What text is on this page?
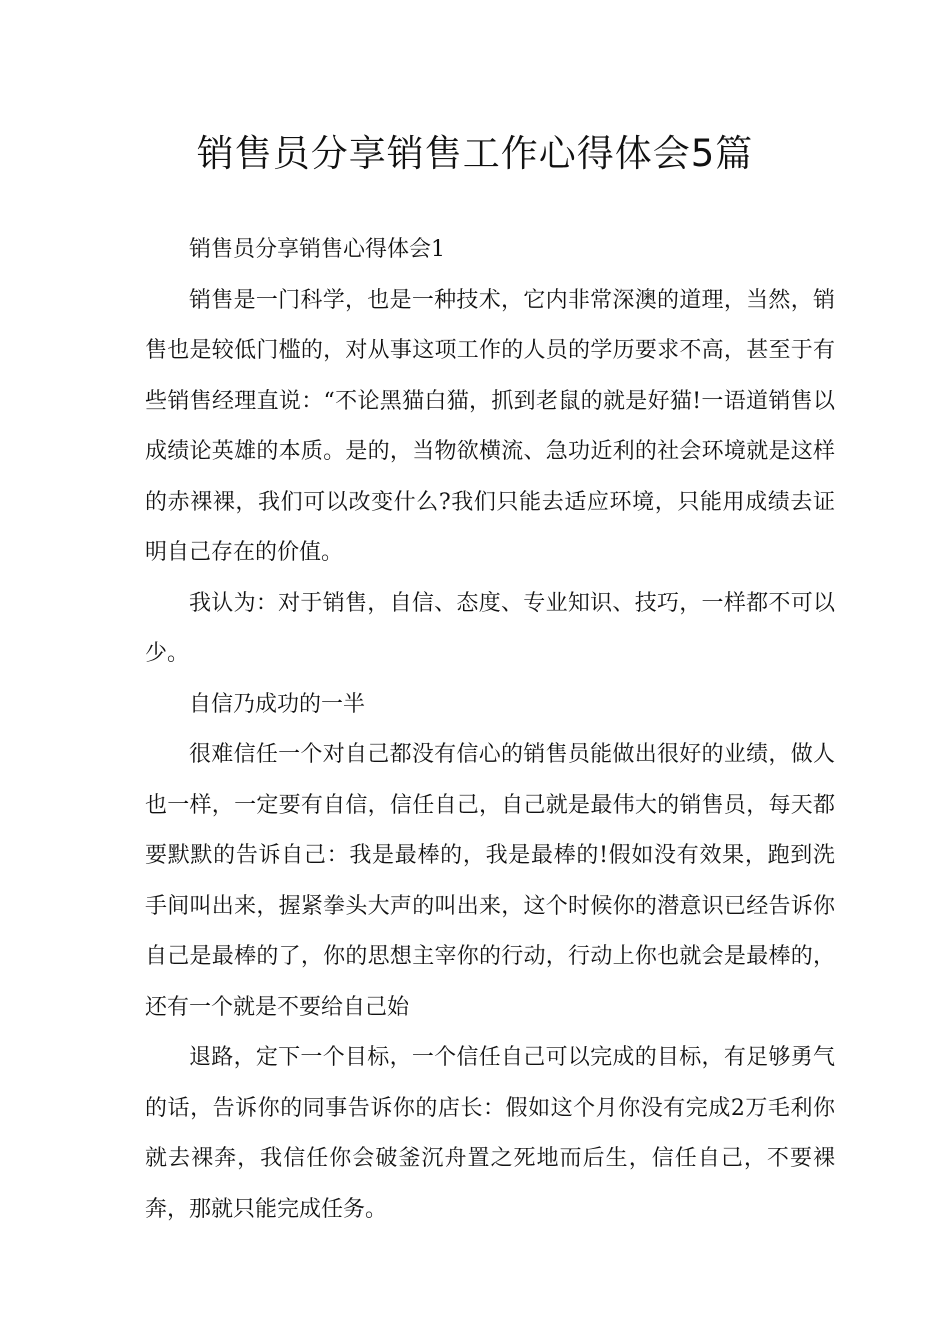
销售员分享销售工作心得体会5篇

销售员分享销售心得体会1

销售是一门科学，也是一种技术，它内非常深澳的道理，当然，销售也是较低门槛的，对从事这项工作的人员的学历要求不高，甚至于有些销售经理直说：“不论黑猫白猫，抓到老鼠的就是好猫!一语道销售以成绩论英雄的本质。是的，当物欲横流、急功近利的社会环境就是这样的赤裸裸，我们可以改变什么?我们只能去适应环境，只能用成绩去证明自己存在的价值。

我认为：对于销售，自信、态度、专业知识、技巧，一样都不可以少。

自信乃成功的一半

很难信任一个对自己都没有信心的销售员能做出很好的业绩，做人也一样，一定要有自信，信任自己，自己就是最伟大的销售员，每天都要默默的告诉自己：我是最棒的，我是最棒的!假如没有效果，跑到洗手间叫出来，握紧拳头大声的叫出来，这个时候你的潜意识已经告诉你自己是最棒的了，你的思想主宰你的行动，行动上你也就会是最棒的，还有一个就是不要给自己始

退路，定下一个目标，一个信任自己可以完成的目标，有足够勇气的话，告诉你的同事告诉你的店长：假如这个月你没有完成2万毛利你就去裸奔，我信任你会破釜沉舟置之死地而后生，信任自己，不要裸奔，那就只能完成任务。
